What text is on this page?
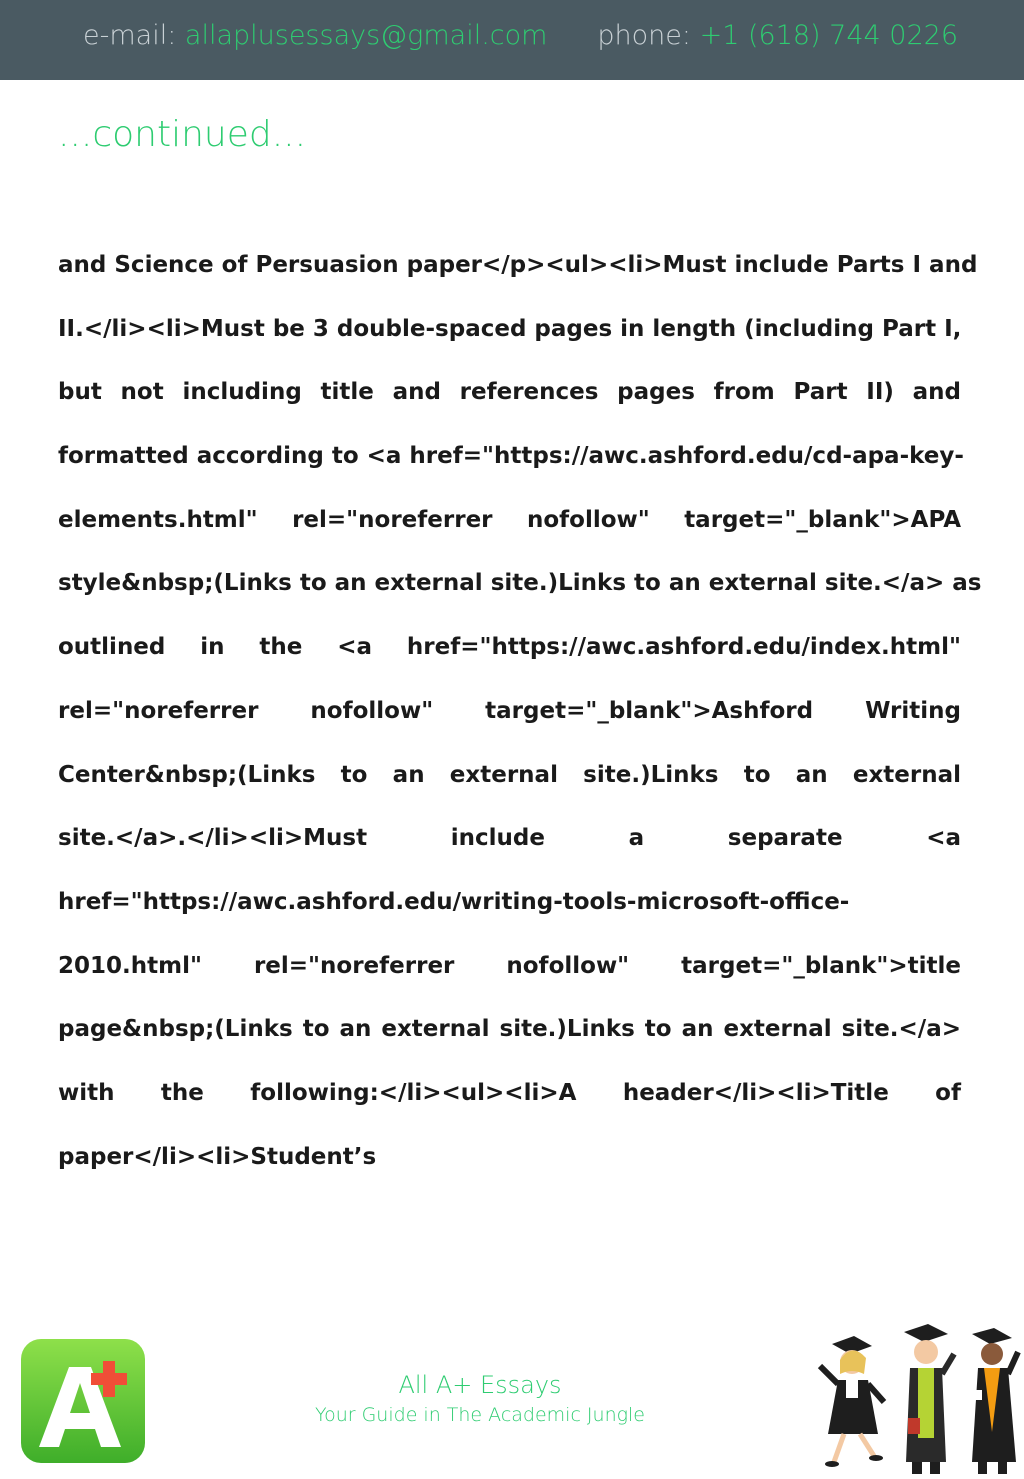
e-mail: allaplusessays@gmail.com phone: +1 (618) 744 0226
...continued...
and Science of Persuasion paper</p><ul><li>Must include Parts I and
II.</li><li>Must be 3 double-spaced pages in length (including Part I,
but not including title and references pages from Part II) and
formatted according to <a href="https://awc.ashford.edu/cd-apa-key-
elements.html" rel="noreferrer nofollow" target="_blank">APA
style&nbsp;(Links to an external site.)Links to an external site.</a> as
outlined in the <a href="https://awc.ashford.edu/index.html"
rel="noreferrer nofollow" target="_blank">Ashford Writing
Center&nbsp;(Links to an external site.)Links to an external
site.</a>.</li><li>Must include a separate <a
href="https://awc.ashford.edu/writing-tools-microsoft-office-
2010.html" rel="noreferrer nofollow" target="_blank">title
page&nbsp;(Links to an external site.)Links to an external site.</a>
with the following:</li><ul><li>A header</li><li>Title of
paper</li><li>Student’s
All A+ Essays
Your Guide in The Academic Jungle
